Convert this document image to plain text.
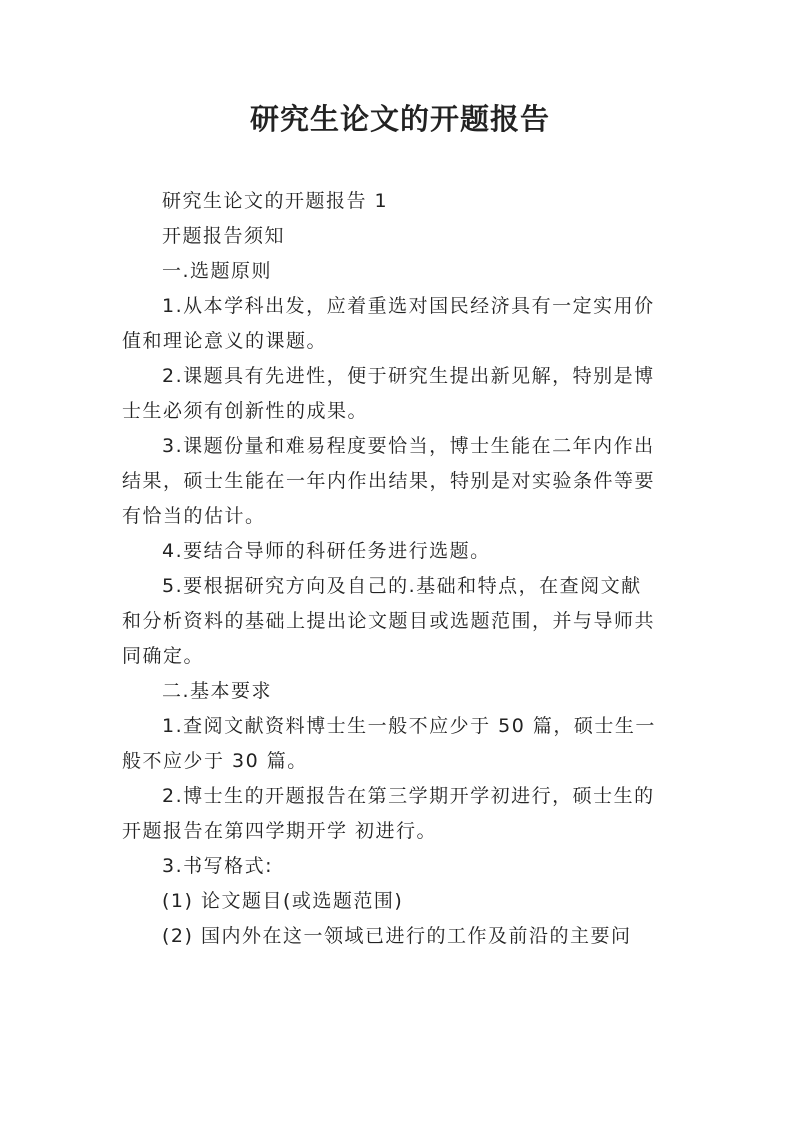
研究生论文的开题报告
研究生论文的开题报告 1
开题报告须知
一.选题原则
1.从本学科出发，应着重选对国民经济具有一定实用价
值和理论意义的课题。
2.课题具有先进性，便于研究生提出新见解，特别是博
士生必须有创新性的成果。
3.课题份量和难易程度要恰当，博士生能在二年内作出
结果，硕士生能在一年内作出结果，特别是对实验条件等要
有恰当的估计。
4.要结合导师的科研任务进行选题。
5.要根据研究方向及自己的.基础和特点，在查阅文献
和分析资料的基础上提出论文题目或选题范围，并与导师共
同确定。
二.基本要求
1.查阅文献资料博士生一般不应少于 50 篇，硕士生一
般不应少于 30 篇。
2.博士生的开题报告在第三学期开学初进行，硕士生的
开题报告在第四学期开学 初进行。
3.书写格式:
(1) 论文题目(或选题范围)
(2) 国内外在这一领域已进行的工作及前沿的主要问
